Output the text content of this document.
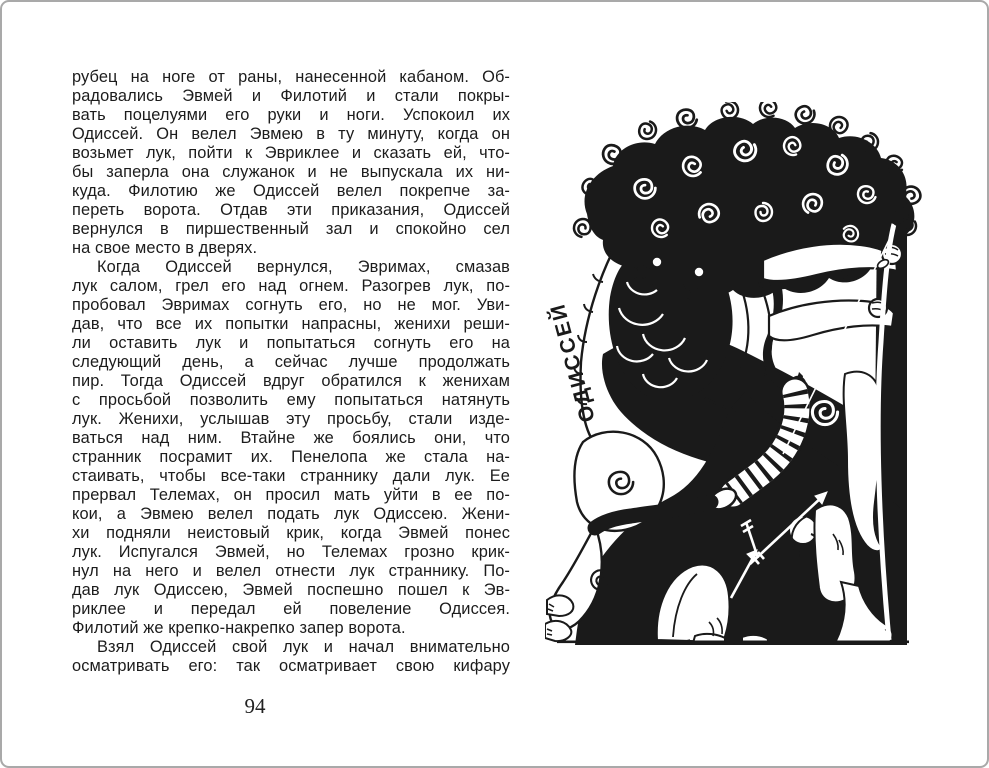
рубец на ноге от раны, нанесенной кабаном. Об-
радовались Эвмей и Филотий и стали покры-
вать поцелуями его руки и ноги. Успокоил их
Одиссей. Он велел Эвмею в ту минуту, когда он
возьмет лук, пойти к Эвриклее и сказать ей, что-
бы заперла она служанок и не выпускала их ни-
куда. Филотию же Одиссей велел покрепче за-
переть ворота. Отдав эти приказания, Одиссей
вернулся в пиршественный зал и спокойно сел
на свое место в дверях.
Когда Одиссей вернулся, Эвримах, смазав
лук салом, грел его над огнем. Разогрев лук, по-
пробовал Эвримах согнуть его, но не мог. Уви-
дав, что все их попытки напрасны, женихи реши-
ли оставить лук и попытаться согнуть его на
следующий день, а сейчас лучше продолжать
пир. Тогда Одиссей вдруг обратился к женихам
с просьбой позволить ему попытаться натянуть
лук. Женихи, услышав эту просьбу, стали изде-
ваться над ним. Втайне же боялись они, что
странник посрамит их. Пенелопа же стала на-
стаивать, чтобы все-таки страннику дали лук. Ее
прервал Телемах, он просил мать уйти в ее по-
кои, а Эвмею велел подать лук Одиссею. Жени-
хи подняли неистовый крик, когда Эвмей понес
лук. Испугался Эвмей, но Телемах грозно крик-
нул на него и велел отнести лук страннику. По-
дав лук Одиссею, Эвмей поспешно пошел к Эв-
риклее и передал ей повеление Одиссея.
Филотий же крепко-накрепко запер ворота.
Взял Одиссей свой лук и начал внимательно
осматривать его: так осматривает свою кифару
94
ОДИССЕЙ
